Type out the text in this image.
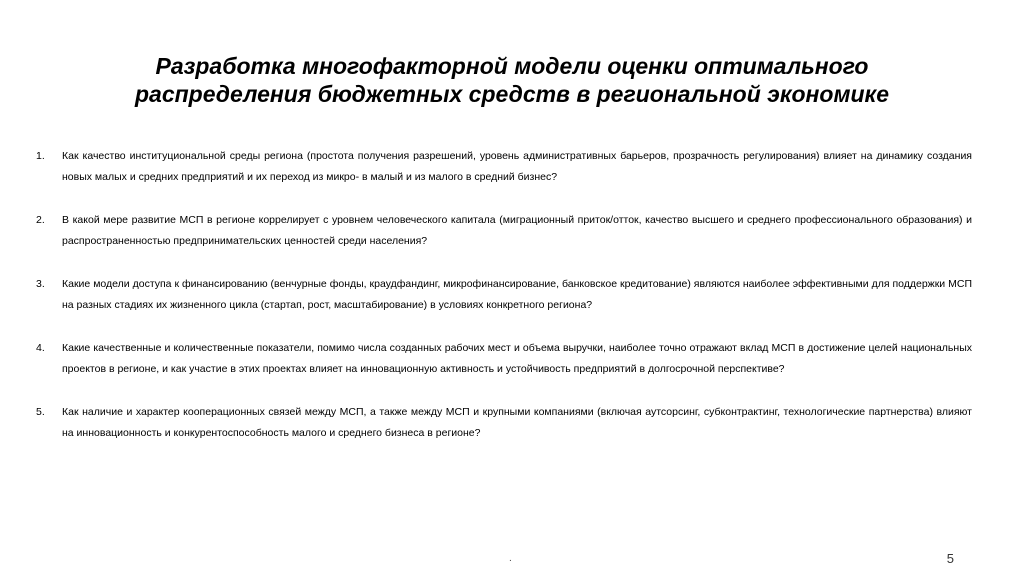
Разработка многофакторной модели оценки оптимального
распределения бюджетных средств в региональной экономике
1.	Как качество институциональной среды региона (простота получения разрешений, уровень административных барьеров, прозрачность регулирования) влияет на динамику создания новых малых и средних предприятий и их переход из микро- в малый и из малого в средний бизнес?
2.	В какой мере развитие МСП в регионе коррелирует с уровнем человеческого капитала (миграционный приток/отток, качество высшего и среднего профессионального образования) и распространенностью предпринимательских ценностей среди населения?
3.	Какие модели доступа к финансированию (венчурные фонды, краудфандинг, микрофинансирование, банковское кредитование) являются наиболее эффективными для поддержки МСП на разных стадиях их жизненного цикла (стартап, рост, масштабирование) в условиях конкретного региона?
4.	Какие качественные и количественные показатели, помимо числа созданных рабочих мест и объема выручки, наиболее точно отражают вклад МСП в достижение целей национальных проектов в регионе, и как участие в этих проектах влияет на инновационную активность и устойчивость предприятий в долгосрочной перспективе?
5.	Как наличие и характер кооперационных связей между МСП, а также между МСП и крупными компаниями (включая аутсорсинг, субконтрактинг, технологические партнерства) влияют на инновационность и конкурентоспособность малого и среднего бизнеса в регионе?
.	5
